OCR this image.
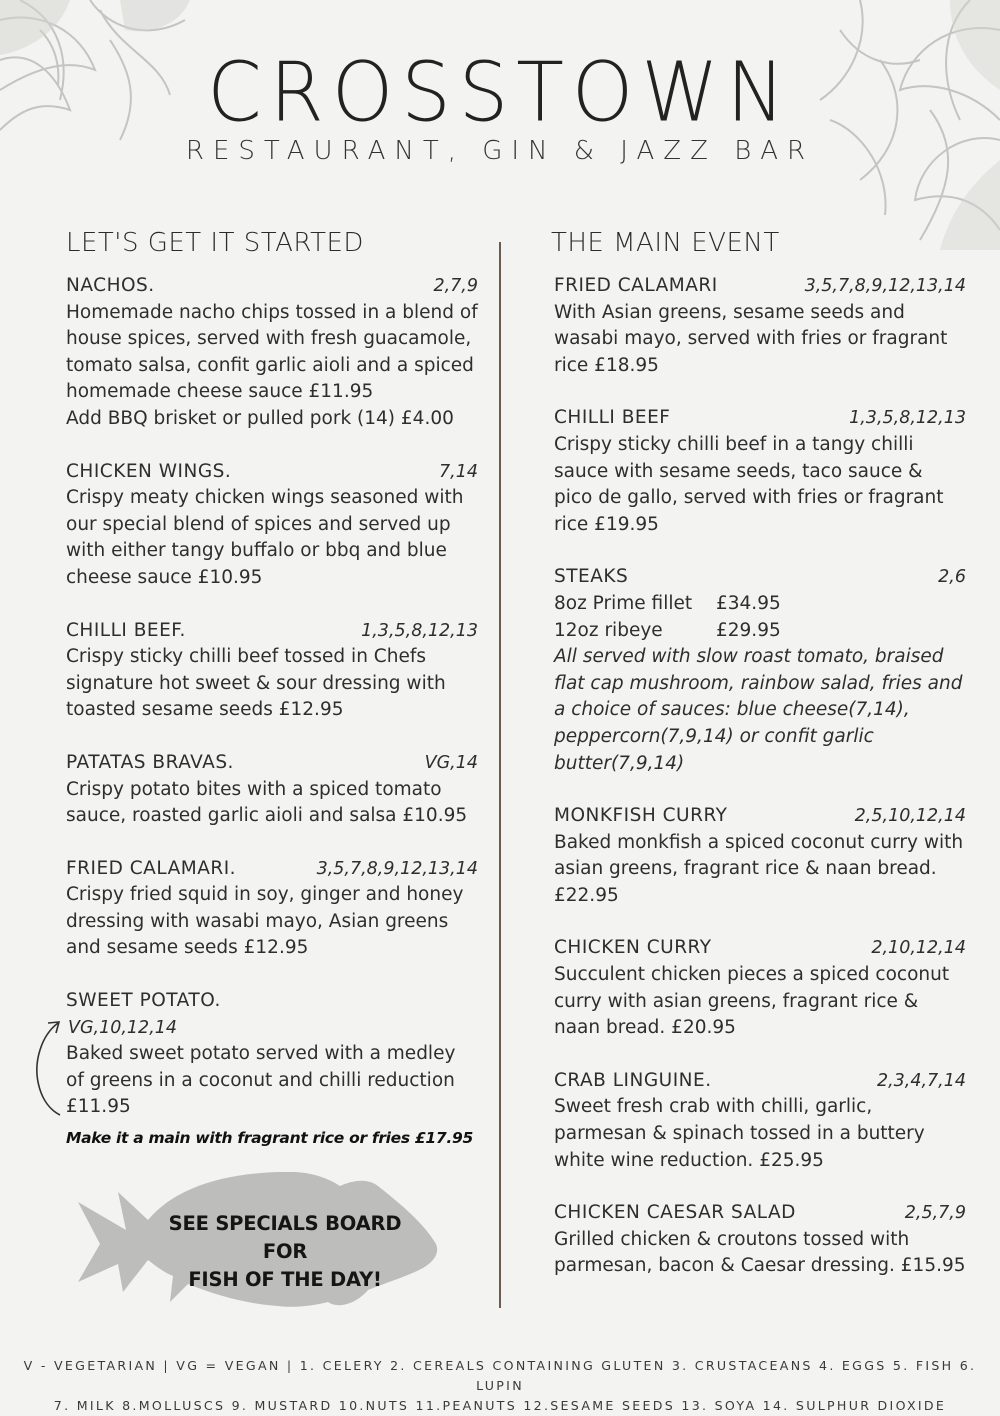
CROSSTOWN
RESTAURANT, GIN & JAZZ BAR
LET'S GET IT STARTED	THE MAIN EVENT
NACHOS.	2,7,9
Homemade nacho chips tossed in a blend of house spices, served with fresh guacamole, tomato salsa, confit garlic aioli and a spiced homemade cheese sauce £11.95
Add BBQ brisket or pulled pork (14) £4.00
CHICKEN WINGS.	7,14
Crispy meaty chicken wings seasoned with our special blend of spices and served up with either tangy buffalo or bbq and blue cheese sauce £10.95
CHILLI BEEF.	1,3,5,8,12,13
Crispy sticky chilli beef tossed in Chefs signature hot sweet & sour dressing with toasted sesame seeds £12.95
PATATAS BRAVAS.	VG,14
Crispy potato bites with a spiced tomato sauce, roasted garlic aioli and salsa £10.95
FRIED CALAMARI.	3,5,7,8,9,12,13,14
Crispy fried squid in soy, ginger and honey dressing with wasabi mayo, Asian greens and sesame seeds £12.95
SWEET POTATO.
VG,10,12,14
Baked sweet potato served with a medley of greens in a coconut and chilli reduction £11.95
Make it a main with fragrant rice or fries £17.95
SEE SPECIALS BOARD FOR
FISH OF THE DAY!
FRIED CALAMARI	3,5,7,8,9,12,13,14
With Asian greens, sesame seeds and wasabi mayo, served with fries or fragrant rice £18.95
CHILLI BEEF	1,3,5,8,12,13
Crispy sticky chilli beef in a tangy chilli sauce with sesame seeds, taco sauce & pico de gallo, served with fries or fragrant rice £19.95
STEAKS	2,6
8oz Prime fillet	£34.95
12oz ribeye	£29.95
All served with slow roast tomato, braised flat cap mushroom, rainbow salad, fries and a choice of sauces: blue cheese(7,14), peppercorn(7,9,14) or confit garlic butter(7,9,14)
MONKFISH CURRY	2,5,10,12,14
Baked monkfish a spiced coconut curry with asian greens, fragrant rice & naan bread. £22.95
CHICKEN CURRY	2,10,12,14
Succulent chicken pieces a spiced coconut curry with asian greens, fragrant rice & naan bread. £20.95
CRAB LINGUINE.	2,3,4,7,14
Sweet fresh crab with chilli, garlic, parmesan & spinach tossed in a buttery white wine reduction. £25.95
CHICKEN CAESAR SALAD	2,5,7,9
Grilled chicken & croutons tossed with parmesan, bacon & Caesar dressing. £15.95
V - VEGETARIAN | VG = VEGAN | 1. CELERY 2. CEREALS CONTAINING GLUTEN 3. CRUSTACEANS 4. EGGS 5. FISH 6. LUPIN
7. MILK 8.MOLLUSCS 9. MUSTARD 10.NUTS 11.PEANUTS 12.SESAME SEEDS 13. SOYA 14. SULPHUR DIOXIDE
